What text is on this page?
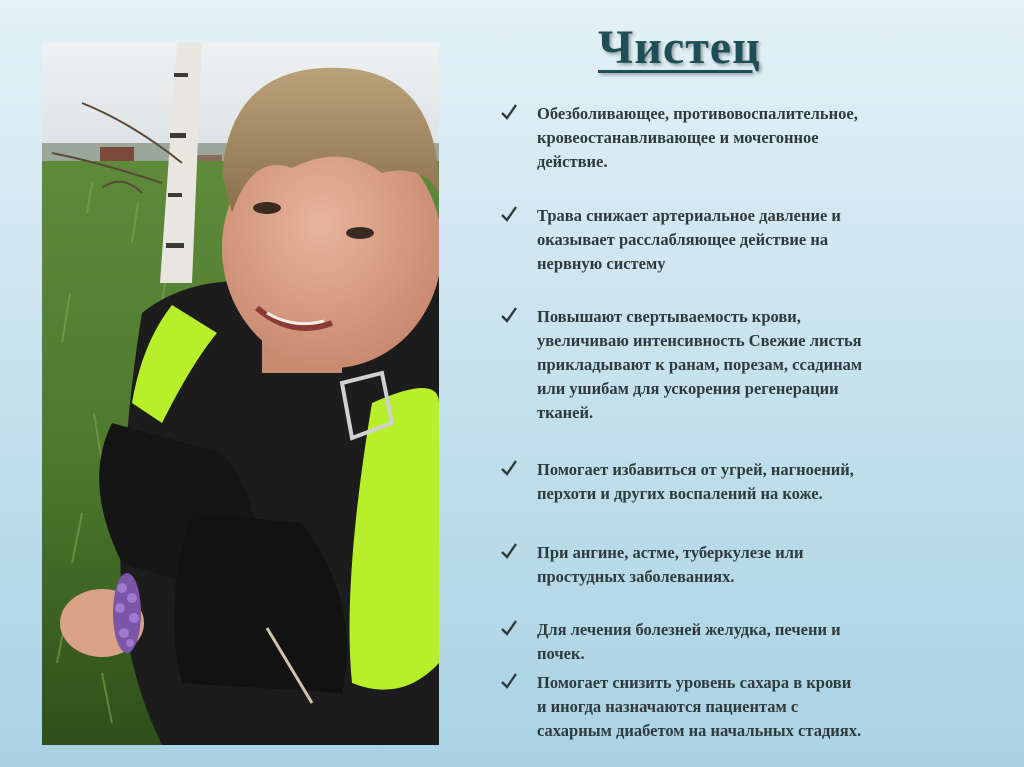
Чистец
Обезболивающее, противовоспалительное,
кровеостанавливающее и мочегонное
действие.
Трава снижает артериальное давление и
оказывает расслабляющее действие на
нервную систему
Повышают свертываемость крови,
увеличиваю интенсивность Свежие листья
прикладывают к ранам, порезам, ссадинам
или ушибам для ускорения регенерации
тканей.
Помогает избавиться от угрей, нагноений,
перхоти и других воспалений на коже.
При ангине, астме, туберкулезе или
простудных заболеваниях.
Для лечения болезней желудка, печени и
почек.
Помогает снизить уровень сахара в крови
и иногда назначаются пациентам с
сахарным диабетом на начальных стадиях.
